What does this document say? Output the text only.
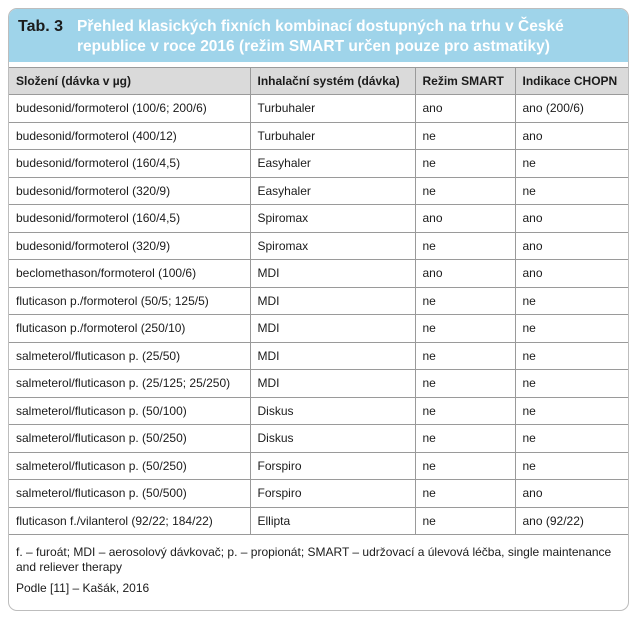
Tab. 3 Přehled klasických fixních kombinací dostupných na trhu v České republice v roce 2016 (režim SMART určen pouze pro astmatiky)
Složení (dávka v µg)	Inhalační systém (dávka)	Režim SMART	Indikace CHOPN
budesonid/formoterol (100/6; 200/6)	Turbuhaler	ano	ano (200/6)
budesonid/formoterol (400/12)	Turbuhaler	ne	ano
budesonid/formoterol (160/4,5)	Easyhaler	ne	ne
budesonid/formoterol (320/9)	Easyhaler	ne	ne
budesonid/formoterol (160/4,5)	Spiromax	ano	ano
budesonid/formoterol (320/9)	Spiromax	ne	ano
beclomethason/formoterol (100/6)	MDI	ano	ano
fluticason p./formoterol (50/5; 125/5)	MDI	ne	ne
fluticason p./formoterol (250/10)	MDI	ne	ne
salmeterol/fluticason p. (25/50)	MDI	ne	ne
salmeterol/fluticason p. (25/125; 25/250)	MDI	ne	ne
salmeterol/fluticason p. (50/100)	Diskus	ne	ne
salmeterol/fluticason p. (50/250)	Diskus	ne	ne
salmeterol/fluticason p. (50/250)	Forspiro	ne	ne
salmeterol/fluticason p. (50/500)	Forspiro	ne	ano
fluticason f./vilanterol (92/22; 184/22)	Ellipta	ne	ano (92/22)
f. – furoát; MDI – aerosolový dávkovač; p. – propionát; SMART – udržovací a úlevová léčba, single maintenance and reliever therapy
Podle [11] – Kašák, 2016
